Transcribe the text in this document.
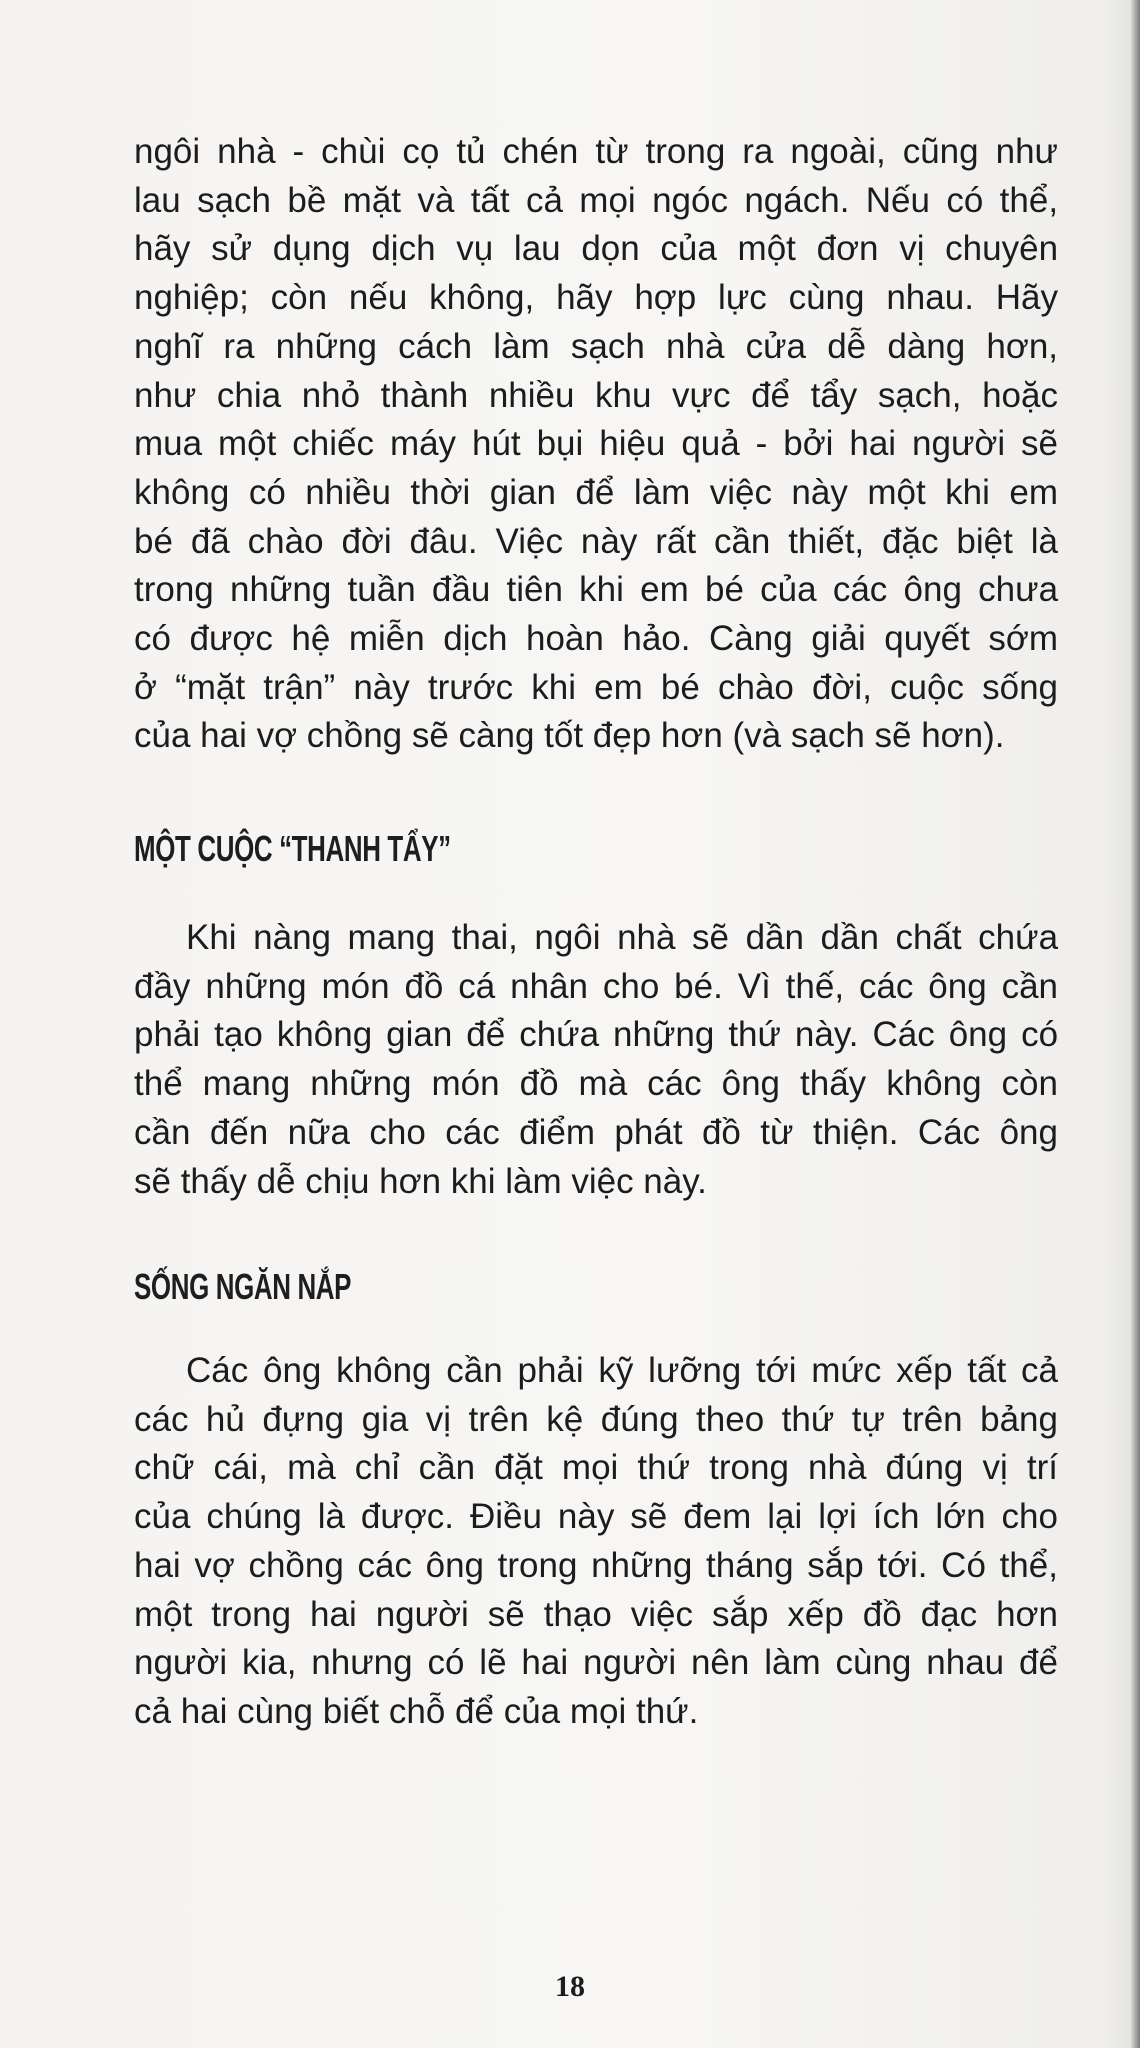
ngôi nhà - chùi cọ tủ chén từ trong ra ngoài, cũng như
lau sạch bề mặt và tất cả mọi ngóc ngách. Nếu có thể,
hãy sử dụng dịch vụ lau dọn của một đơn vị chuyên
nghiệp; còn nếu không, hãy hợp lực cùng nhau. Hãy
nghĩ ra những cách làm sạch nhà cửa dễ dàng hơn,
như chia nhỏ thành nhiều khu vực để tẩy sạch, hoặc
mua một chiếc máy hút bụi hiệu quả - bởi hai người sẽ
không có nhiều thời gian để làm việc này một khi em
bé đã chào đời đâu. Việc này rất cần thiết, đặc biệt là
trong những tuần đầu tiên khi em bé của các ông chưa
có được hệ miễn dịch hoàn hảo. Càng giải quyết sớm
ở “mặt trận” này trước khi em bé chào đời, cuộc sống
của hai vợ chồng sẽ càng tốt đẹp hơn (và sạch sẽ hơn).
MỘT CUỘC “THANH TẨY”
Khi nàng mang thai, ngôi nhà sẽ dần dần chất chứa
đầy những món đồ cá nhân cho bé. Vì thế, các ông cần
phải tạo không gian để chứa những thứ này. Các ông có
thể mang những món đồ mà các ông thấy không còn
cần đến nữa cho các điểm phát đồ từ thiện. Các ông
sẽ thấy dễ chịu hơn khi làm việc này.
SỐNG NGĂN NẮP
Các ông không cần phải kỹ lưỡng tới mức xếp tất cả
các hủ đựng gia vị trên kệ đúng theo thứ tự trên bảng
chữ cái, mà chỉ cần đặt mọi thứ trong nhà đúng vị trí
của chúng là được. Điều này sẽ đem lại lợi ích lớn cho
hai vợ chồng các ông trong những tháng sắp tới. Có thể,
một trong hai người sẽ thạo việc sắp xếp đồ đạc hơn
người kia, nhưng có lẽ hai người nên làm cùng nhau để
cả hai cùng biết chỗ để của mọi thứ.
18
